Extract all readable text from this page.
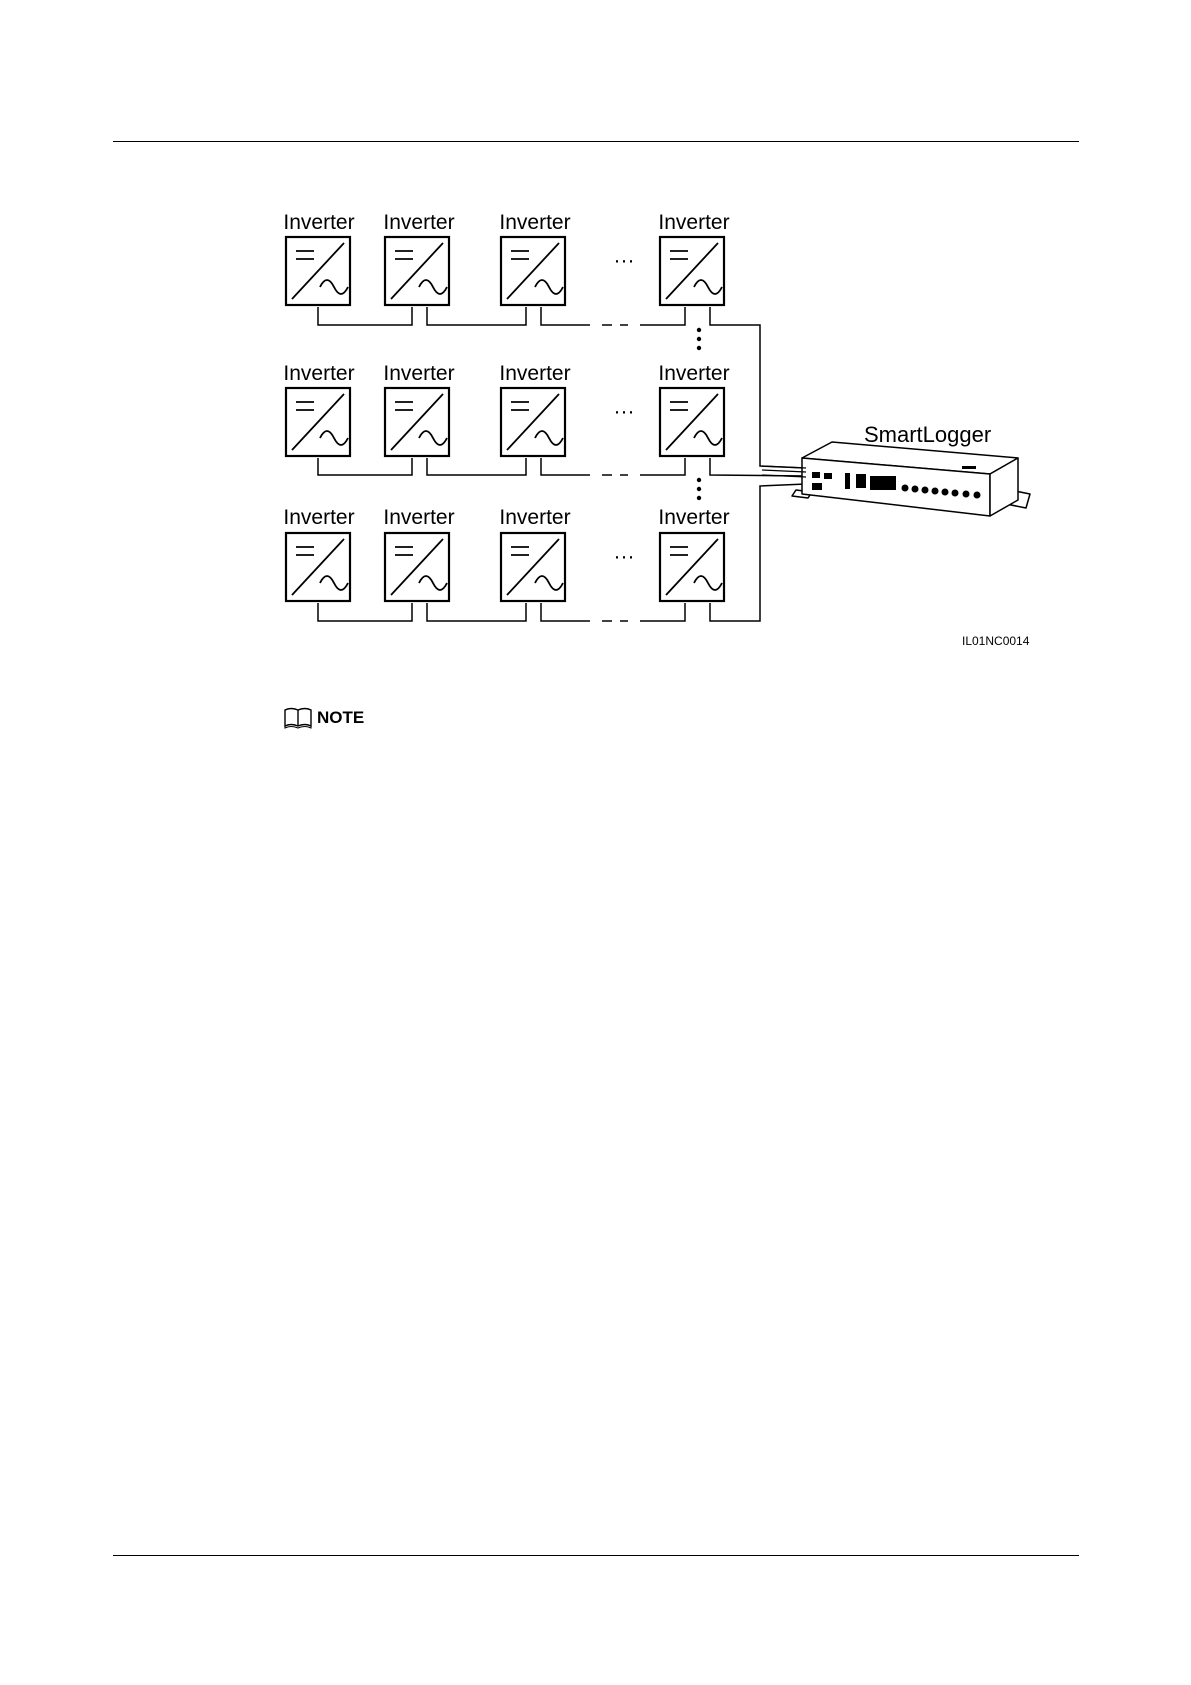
Inverter Inverter Inverter	Inverter
···
Inverter Inverter Inverter	Inverter
···
Inverter Inverter Inverter	Inverter
···
SmartLogger
IL01NC0014
NOTE
